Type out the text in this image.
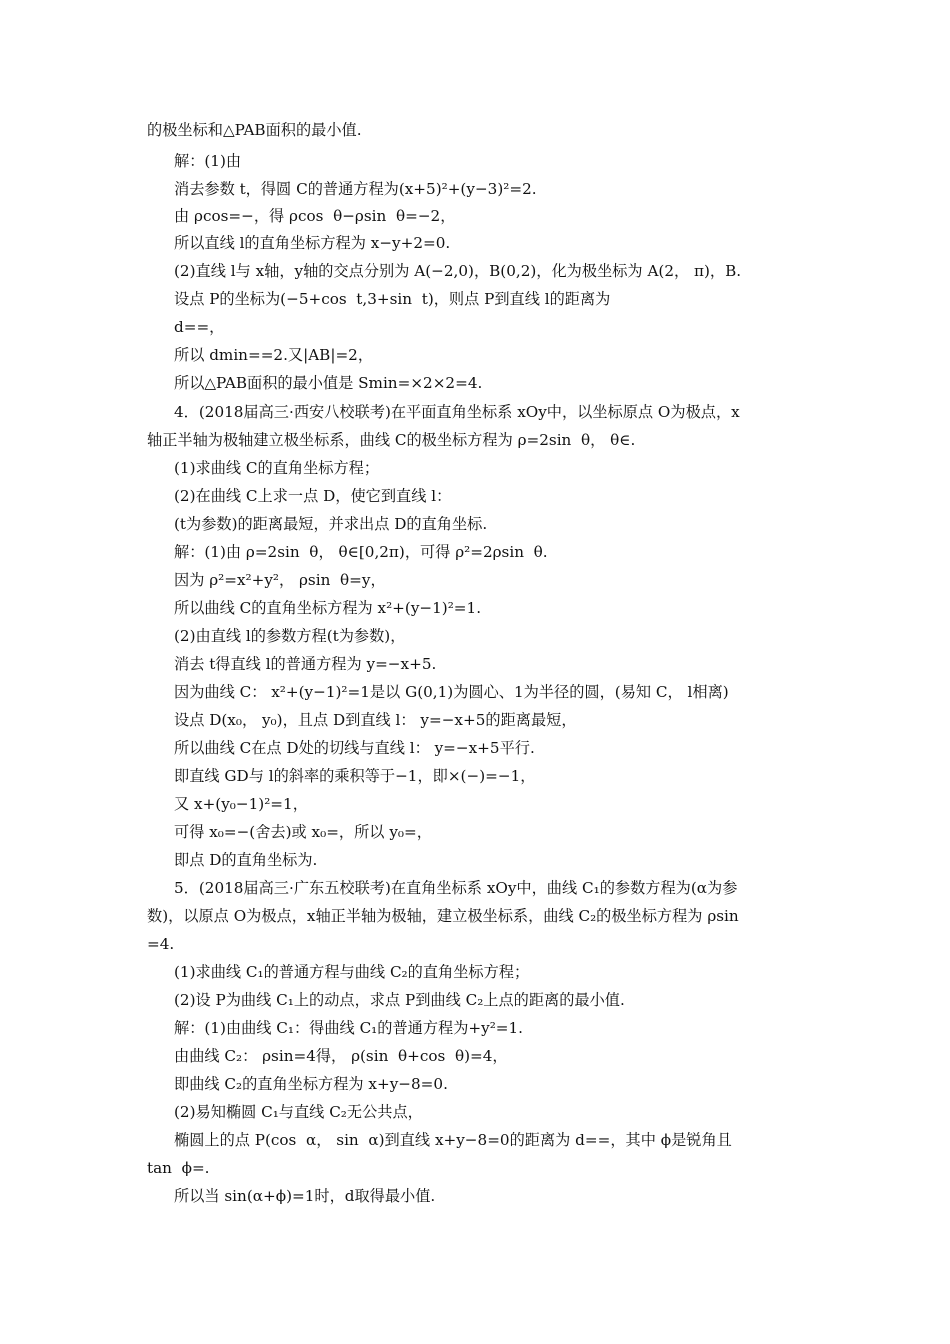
的极坐标和△PAB面积的最小值.
解：(1)由
消去参数 t，得圆 C的普通方程为(x+5)²+(y−3)²=2.
由 ρcos=−，得 ρcos  θ−ρsin  θ=−2，
所以直线 l的直角坐标方程为 x−y+2=0.
(2)直线 l与 x轴，y轴的交点分别为 A(−2,0)，B(0,2)，化为极坐标为 A(2， π)，B.
设点 P的坐标为(−5+cos  t,3+sin  t)，则点 P到直线 l的距离为
d==，
所以 dmin==2.又|AB|=2，
所以△PAB面积的最小值是 Smin=×2×2=4.
4．(2018届高三·西安八校联考)在平面直角坐标系 xOy中，以坐标原点 O为极点，x
轴正半轴为极轴建立极坐标系，曲线 C的极坐标方程为 ρ=2sin  θ， θ∈.
(1)求曲线 C的直角坐标方程；
(2)在曲线 C上求一点 D，使它到直线 l：
(t为参数)的距离最短，并求出点 D的直角坐标.
解：(1)由 ρ=2sin  θ， θ∈[0,2π)，可得 ρ²=2ρsin  θ.
因为 ρ²=x²+y²， ρsin  θ=y，
所以曲线 C的直角坐标方程为 x²+(y−1)²=1.
(2)由直线 l的参数方程(t为参数)，
消去 t得直线 l的普通方程为 y=−x+5.
因为曲线 C： x²+(y−1)²=1是以 G(0,1)为圆心、1为半径的圆，(易知 C， l相离)
设点 D(x₀， y₀)，且点 D到直线 l： y=−x+5的距离最短，
所以曲线 C在点 D处的切线与直线 l： y=−x+5平行.
即直线 GD与 l的斜率的乘积等于−1，即×(−)=−1，
又 x+(y₀−1)²=1，
可得 x₀=−(舍去)或 x₀=，所以 y₀=，
即点 D的直角坐标为.
5．(2018届高三·广东五校联考)在直角坐标系 xOy中，曲线 C₁的参数方程为(α为参
数)，以原点 O为极点，x轴正半轴为极轴，建立极坐标系，曲线 C₂的极坐标方程为 ρsin
=4.
(1)求曲线 C₁的普通方程与曲线 C₂的直角坐标方程；
(2)设 P为曲线 C₁上的动点，求点 P到曲线 C₂上点的距离的最小值.
解：(1)由曲线 C₁：得曲线 C₁的普通方程为+y²=1.
由曲线 C₂： ρsin=4得， ρ(sin  θ+cos  θ)=4，
即曲线 C₂的直角坐标方程为 x+y−8=0.
(2)易知椭圆 C₁与直线 C₂无公共点，
椭圆上的点 P(cos  α， sin  α)到直线 x+y−8=0的距离为 d==，其中 ϕ是锐角且
tan  ϕ=.
所以当 sin(α+ϕ)=1时，d取得最小值.
